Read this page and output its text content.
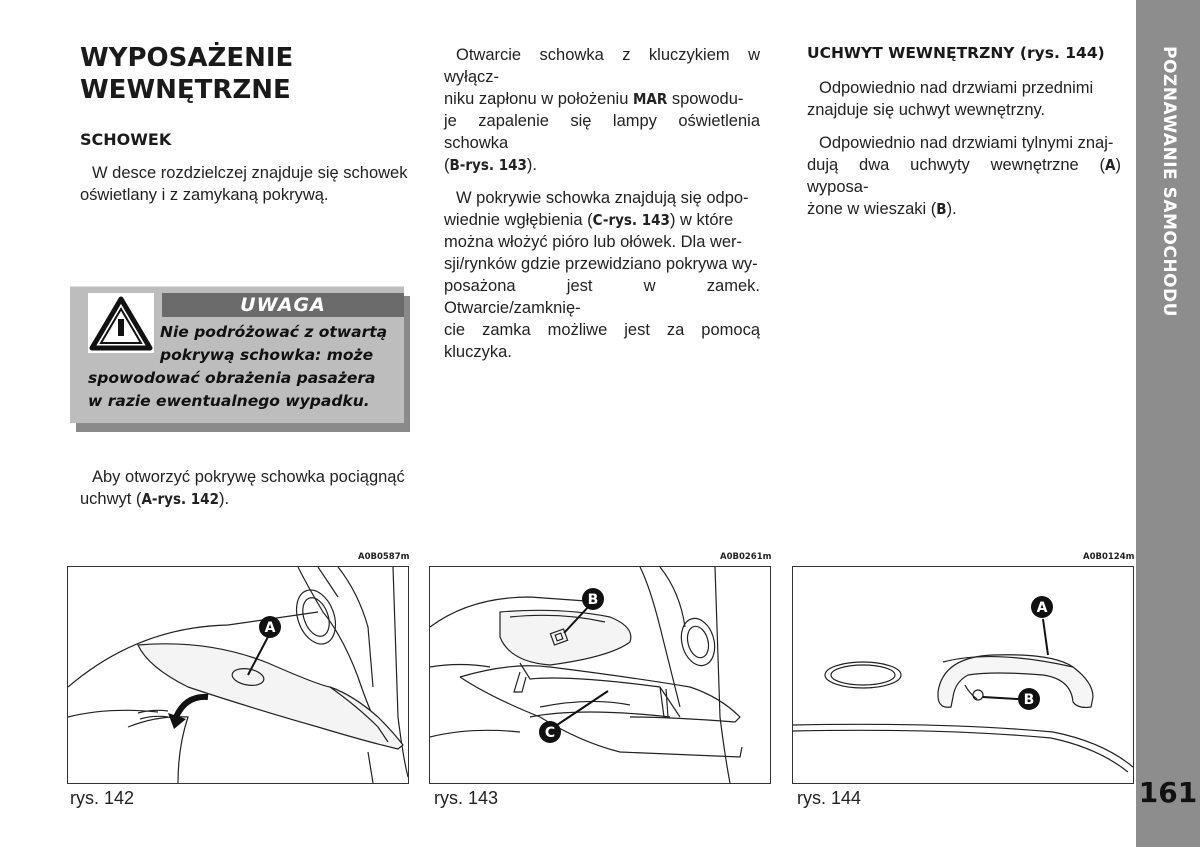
WYPOSAŻENIE
WEWNĘTRZNE
SCHOWEK
W desce rozdzielczej znajduje się schowek
oświetlany i z zamykaną pokrywą.
UWAGA
Nie podróżować z otwartą
pokrywą schowka: może
spowodować obrażenia pasażera
w razie ewentualnego wypadku.
Aby otworzyć pokrywę schowka pociągnąć
uchwyt (A-rys. 142).

Otwarcie schowka z kluczykiem w wyłącz-
niku zapłonu w położeniu MAR spowodu-
je zapalenie się lampy oświetlenia schowka
(B-rys. 143).

W pokrywie schowka znajdują się odpo-
wiednie wgłębienia (C-rys. 143) w które
można włożyć pióro lub ołówek. Dla wer-
sji/rynków gdzie przewidziano pokrywa wy-
posażona jest w zamek. Otwarcie/zamknię-
cie zamka możliwe jest za pomocą kluczyka.

UCHWYT WEWNĘTRZNY (rys. 144)

Odpowiednio nad drzwiami przednimi
znajduje się uchwyt wewnętrzny.

Odpowiednio nad drzwiami tylnymi znaj-
dują dwa uchwyty wewnętrzne (A) wyposa-
żone w wieszaki (B).	POZNAWANIE SAMOCHODU
161
A0B0587m
A
rys. 142
A0B0261m
B
C
rys. 143
A0B0124m
A
B
rys. 144
